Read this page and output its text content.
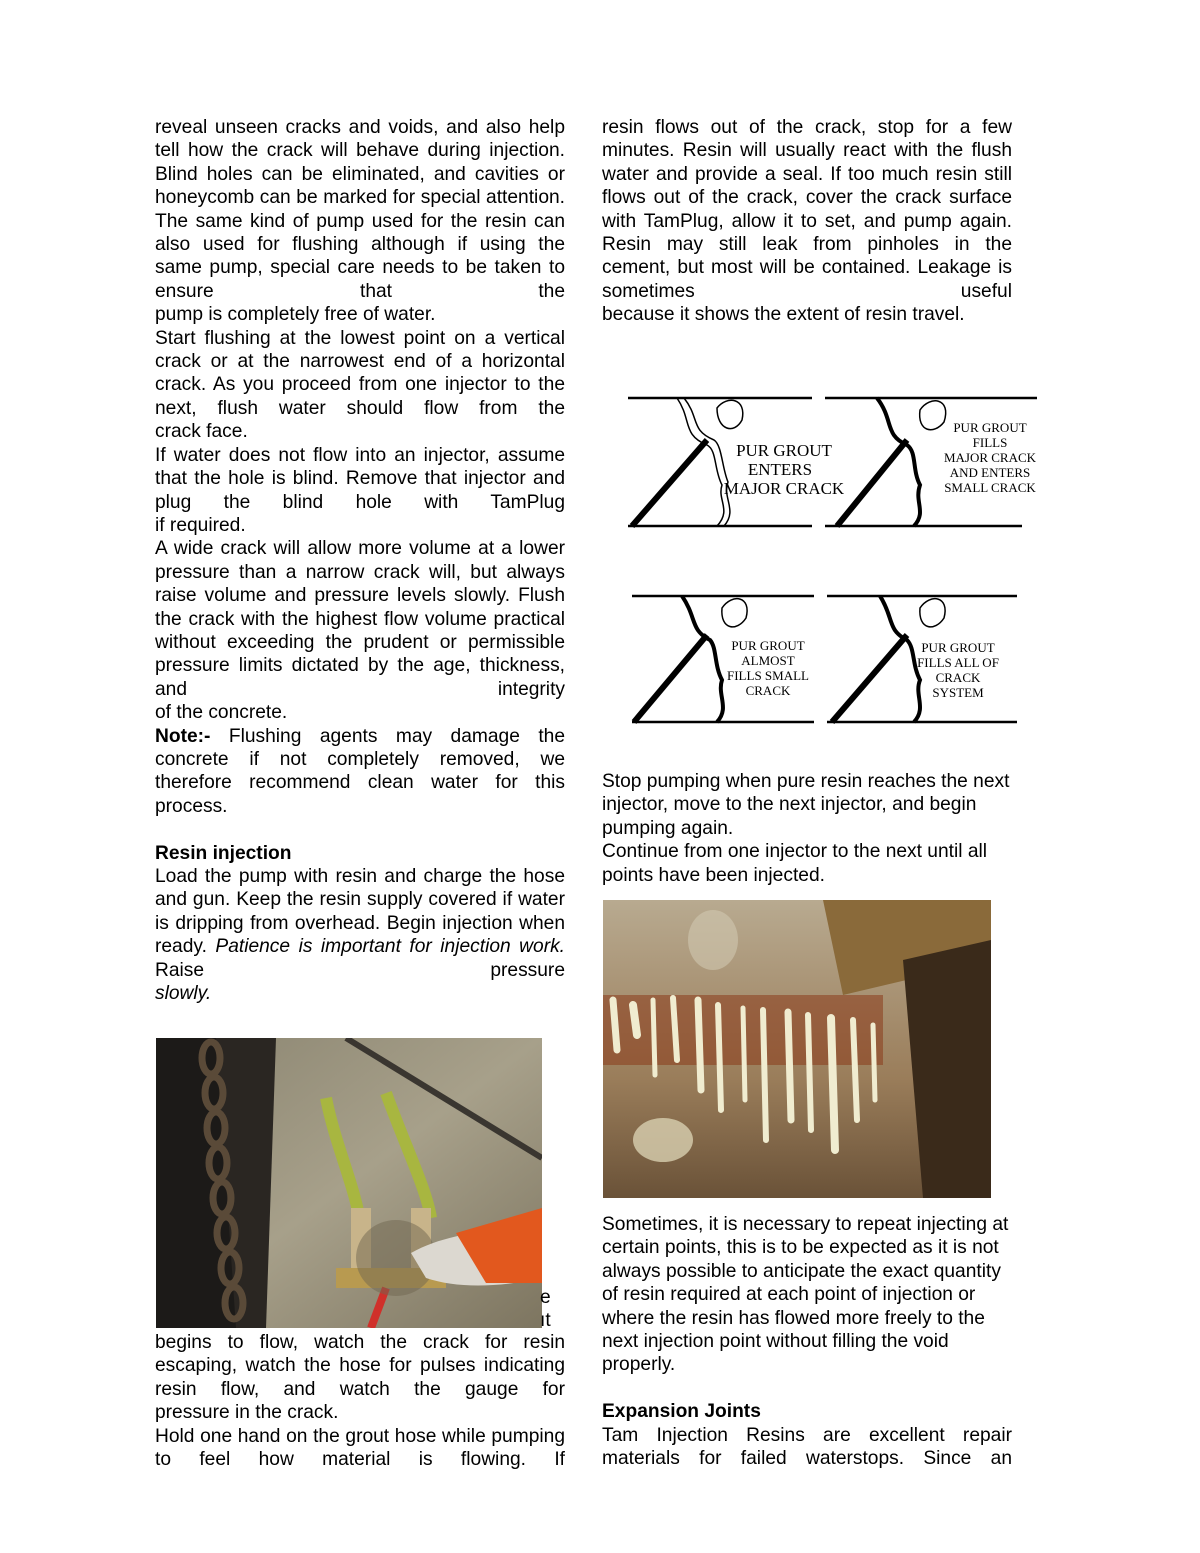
reveal unseen cracks and voids, and also help tell how the crack will behave during injection. Blind holes can be eliminated, and cavities or honeycomb can be marked for special attention. The same kind of pump used for the resin can also used for flushing although if using the same pump, special care needs to be taken to ensure that the

pump is completely free of water.

Start flushing at the lowest point on a vertical crack or at the narrowest end of a horizontal crack. As you proceed from one injector to the next, flush water should flow from the

crack face.

If water does not flow into an injector, assume that the hole is blind. Remove that injector and plug the blind hole with TamPlug

if required.

A wide crack will allow more volume at a lower pressure than a narrow crack will, but always raise volume and pressure levels slowly. Flush the crack with the highest flow volume practical without exceeding the prudent or permissible pressure limits dictated by the age, thickness, and integrity

of the concrete.

Note:- Flushing agents may damage the concrete if not completely removed, we therefore recommend clean water for this

process.

Resin injection

Load the pump with resin and charge the hose and gun. Keep the resin supply covered if water is dripping from overhead. Begin injection when ready. Patience is important for injection work. Raise pressure

slowly.

e
ıt

begins to flow, watch the crack for resin escaping, watch the hose for pulses indicating resin flow, and watch the gauge for

pressure in the crack.

Hold one hand on the grout hose while pumping to feel how material is flowing. If

resin flows out of the crack, stop for a few minutes. Resin will usually react with the flush water and provide a seal. If too much resin still flows out of the crack, cover the crack surface with TamPlug, allow it to set, and pump again. Resin may still leak from pinholes in the cement, but most will be contained. Leakage is sometimes useful

because it shows the extent of resin travel.

PUR GROUT
ENTERS
MAJOR CRACK
PUR GROUT
FILLS
MAJOR CRACK
AND ENTERS
SMALL CRACK
PUR GROUT
ALMOST
FILLS SMALL
CRACK
PUR GROUT
FILLS ALL OF
CRACK
SYSTEM

Stop pumping when pure resin reaches the next injector, move to the next injector, and begin pumping again.

Continue from one injector to the next until all points have been injected.

Sometimes, it is necessary to repeat injecting at certain points, this is to be expected as it is not always possible to anticipate the exact quantity of resin required at each point of injection or where the resin has flowed more freely to the next injection point without filling the void properly.

Expansion Joints

Tam Injection Resins are excellent repair materials for failed waterstops. Since an
